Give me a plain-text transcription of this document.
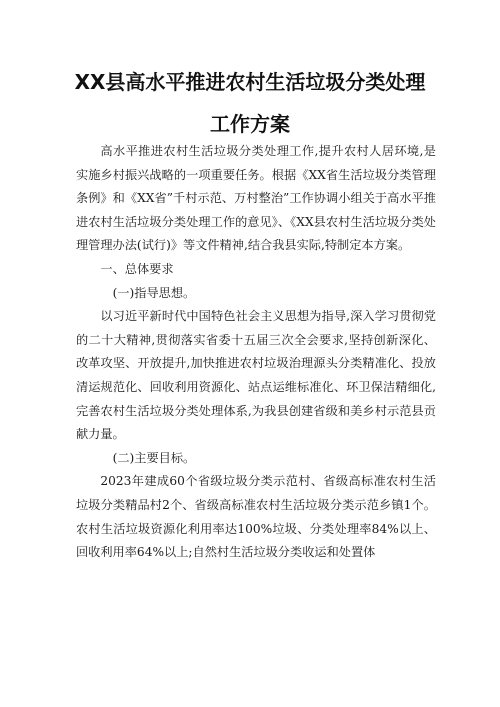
XX县高水平推进农村生活垃圾分类处理
工作方案

高水平推进农村生活垃圾分类处理工作,提升农村人居环境,是实施乡村振兴战略的一项重要任务。根据《XX省生活垃圾分类管理条例》和《XX省”千村示范、万村整治”工作协调小组关于高水平推进农村生活垃圾分类处理工作的意见》、《XX县农村生活垃圾分类处理管理办法(试行)》等文件精神,结合我县实际,特制定本方案。

一、总体要求

(一)指导思想。

以习近平新时代中国特色社会主义思想为指导,深入学习贯彻党的二十大精神,贯彻落实省委十五届三次全会要求,坚持创新深化、改革攻坚、开放提升,加快推进农村垃圾治理源头分类精准化、投放清运规范化、回收利用资源化、站点运维标准化、环卫保洁精细化,完善农村生活垃圾分类处理体系,为我县创建省级和美乡村示范县贡献力量。

(二)主要目标。

2023年建成60个省级垃圾分类示范村、省级高标准农村生活垃圾分类精品村2个、省级高标准农村生活垃圾分类示范乡镇1个。农村生活垃圾资源化利用率达100%垃圾、分类处理率84%以上、回收利用率64%以上;自然村生活垃圾分类收运和处置体
